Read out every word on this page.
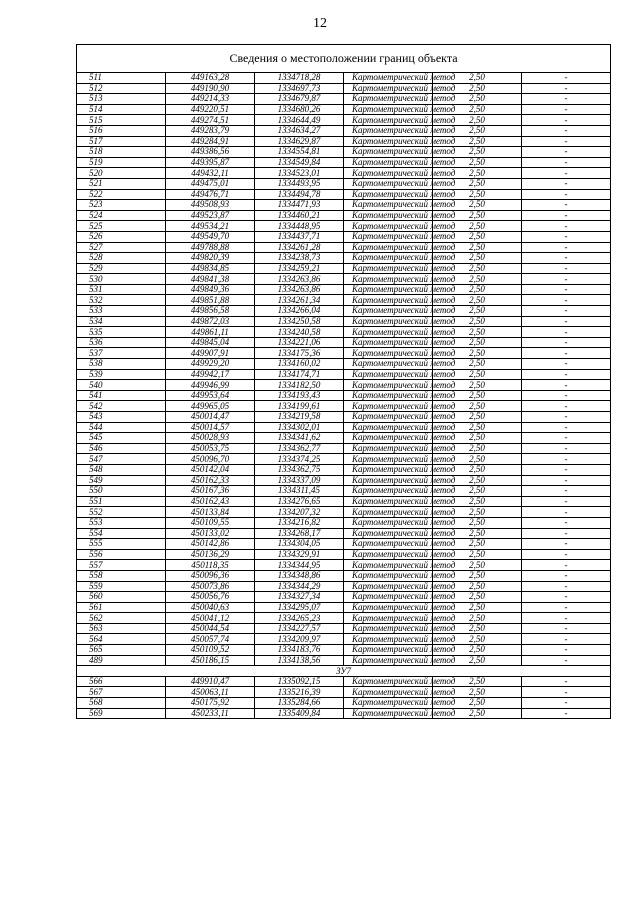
12
Сведения о местоположении границ объекта					
511	449163,28	1334718,28	Картометрический метод	2,50	-
512	449190,90	1334697,73	Картометрический метод	2,50	-
513	449214,33	1334679,87	Картометрический метод	2,50	-
514	449220,51	1334680,26	Картометрический метод	2,50	-
515	449274,51	1334644,49	Картометрический метод	2,50	-
516	449283,79	1334634,27	Картометрический метод	2,50	-
517	449284,91	1334629,87	Картометрический метод	2,50	-
518	449386,56	1334554,81	Картометрический метод	2,50	-
519	449395,87	1334549,84	Картометрический метод	2,50	-
520	449432,11	1334523,01	Картометрический метод	2,50	-
521	449475,01	1334493,95	Картометрический метод	2,50	-
522	449476,71	1334494,78	Картометрический метод	2,50	-
523	449508,93	1334471,93	Картометрический метод	2,50	-
524	449523,87	1334460,21	Картометрический метод	2,50	-
525	449534,21	1334448,95	Картометрический метод	2,50	-
526	449549,70	1334437,71	Картометрический метод	2,50	-
527	449788,88	1334261,28	Картометрический метод	2,50	-
528	449820,39	1334238,73	Картометрический метод	2,50	-
529	449834,85	1334259,21	Картометрический метод	2,50	-
530	449841,38	1334263,86	Картометрический метод	2,50	-
531	449849,36	1334263,86	Картометрический метод	2,50	-
532	449851,88	1334261,34	Картометрический метод	2,50	-
533	449856,58	1334266,04	Картометрический метод	2,50	-
534	449872,03	1334250,58	Картометрический метод	2,50	-
535	449861,11	1334240,58	Картометрический метод	2,50	-
536	449845,04	1334221,06	Картометрический метод	2,50	-
537	449907,91	1334175,36	Картометрический метод	2,50	-
538	449929,20	1334160,02	Картометрический метод	2,50	-
539	449942,17	1334174,71	Картометрический метод	2,50	-
540	449946,99	1334182,50	Картометрический метод	2,50	-
541	449953,64	1334193,43	Картометрический метод	2,50	-
542	449965,05	1334199,61	Картометрический метод	2,50	-
543	450014,47	1334219,58	Картометрический метод	2,50	-
544	450014,57	1334302,01	Картометрический метод	2,50	-
545	450028,93	1334341,62	Картометрический метод	2,50	-
546	450053,75	1334362,77	Картометрический метод	2,50	-
547	450096,70	1334374,25	Картометрический метод	2,50	-
548	450142,04	1334362,75	Картометрический метод	2,50	-
549	450162,33	1334337,09	Картометрический метод	2,50	-
550	450167,36	1334311,45	Картометрический метод	2,50	-
551	450162,43	1334276,65	Картометрический метод	2,50	-
552	450133,84	1334207,32	Картометрический метод	2,50	-
553	450109,55	1334216,82	Картометрический метод	2,50	-
554	450133,02	1334268,17	Картометрический метод	2,50	-
555	450142,86	1334304,05	Картометрический метод	2,50	-
556	450136,29	1334329,91	Картометрический метод	2,50	-
557	450118,35	1334344,95	Картометрический метод	2,50	-
558	450096,36	1334348,86	Картометрический метод	2,50	-
559	450073,86	1334344,29	Картометрический метод	2,50	-
560	450056,76	1334327,34	Картометрический метод	2,50	-
561	450040,63	1334295,07	Картометрический метод	2,50	-
562	450041,12	1334265,23	Картометрический метод	2,50	-
563	450044,54	1334227,57	Картометрический метод	2,50	-
564	450057,74	1334209,97	Картометрический метод	2,50	-
565	450109,52	1334183,76	Картометрический метод	2,50	-
489	450186,15	1334138,56	Картометрический метод	2,50	-
ЗУ7					
566	449910,47	1335092,15	Картометрический метод	2,50	-
567	450063,11	1335216,39	Картометрический метод	2,50	-
568	450175,92	1335284,66	Картометрический метод	2,50	-
569	450233,11	1335409,84	Картометрический метод	2,50	-
